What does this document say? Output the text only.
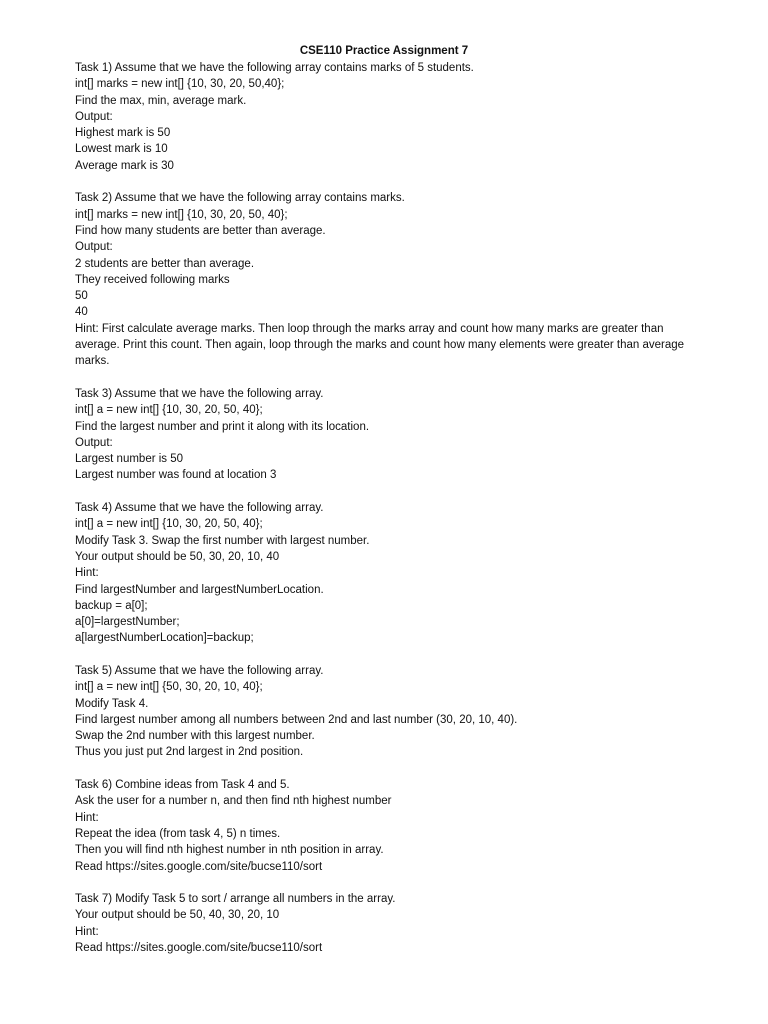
CSE110 Practice Assignment 7
Task 1) Assume that we have the following array contains marks of 5 students.
int[] marks = new int[] {10, 30, 20, 50,40};
Find the max, min, average mark.
Output:
Highest mark is 50
Lowest mark is 10
Average mark is 30
Task 2) Assume that we have the following array contains marks.
int[] marks = new int[] {10, 30, 20, 50, 40};
Find how many students are better than average.
Output:
2 students are better than average.
They received following marks
50
40
Hint: First calculate average marks. Then loop through the marks array and count how many marks are greater than average. Print this count. Then again, loop through the marks and count how many elements were greater than average marks.
Task 3) Assume that we have the following array.
int[] a = new int[] {10, 30, 20, 50, 40};
Find the largest number and print it along with its location.
Output:
Largest number is 50
Largest number was found at location 3
Task 4) Assume that we have the following array.
int[] a = new int[] {10, 30, 20, 50, 40};
Modify Task 3. Swap the first number with largest number.
Your output should be 50, 30, 20, 10, 40
Hint:
Find largestNumber and largestNumberLocation.
backup = a[0];
a[0]=largestNumber;
a[largestNumberLocation]=backup;
Task 5) Assume that we have the following array.
int[] a = new int[] {50, 30, 20, 10, 40};
Modify Task 4.
Find largest number among all numbers between 2nd and last number (30, 20, 10, 40).
Swap the 2nd number with this largest number.
Thus you just put 2nd largest in 2nd position.
Task 6) Combine ideas from Task 4 and 5.
Ask the user for a number n, and then find nth highest number
Hint:
Repeat the idea (from task 4, 5) n times.
Then you will find nth highest number in nth position in array.
Read https://sites.google.com/site/bucse110/sort
Task 7) Modify Task 5 to sort / arrange all numbers in the array.
Your output should be 50, 40, 30, 20, 10
Hint:
Read https://sites.google.com/site/bucse110/sort
